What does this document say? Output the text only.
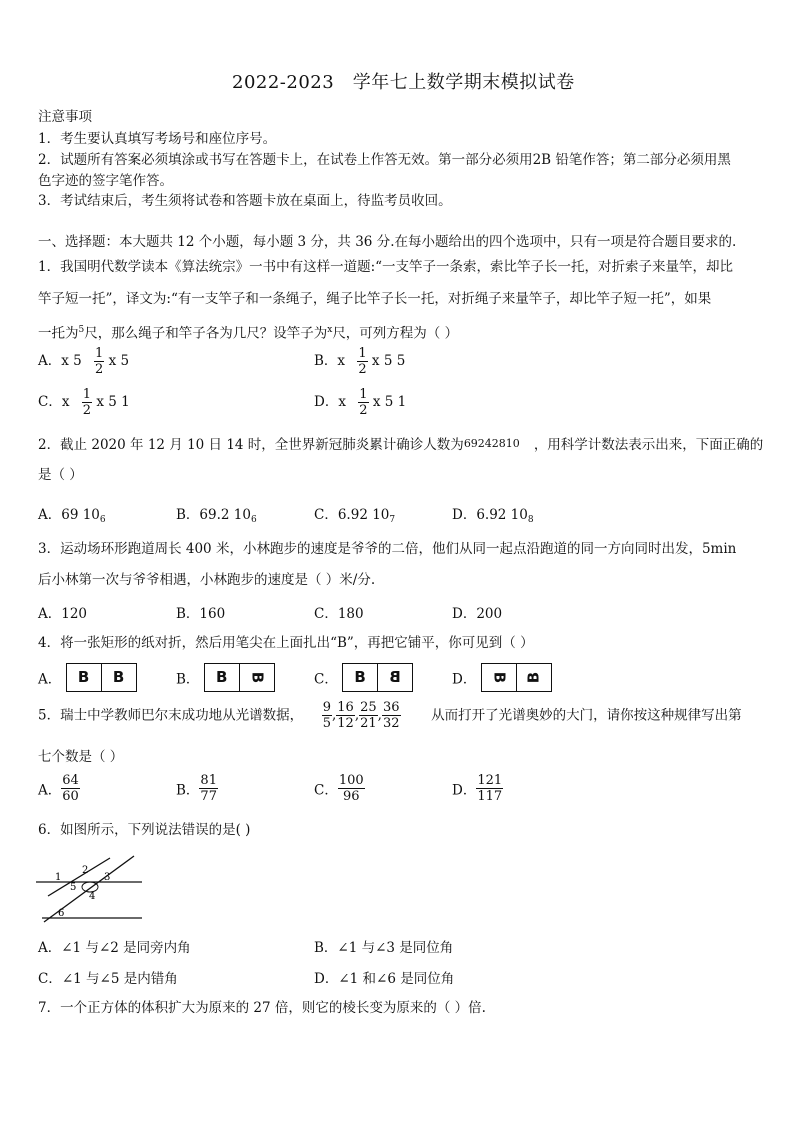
2022-2023　学年七上数学期末模拟试卷
注意事项
1．考生要认真填写考场号和座位序号。
2．试题所有答案必须填涂或书写在答题卡上，在试卷上作答无效。第一部分必须用2B 铅笔作答；第二部分必须用黑
色字迹的签字笔作答。
3．考试结束后，考生须将试卷和答题卡放在桌面上，待监考员收回。
一、选择题：本大题共 12 个小题，每小题 3 分，共 36 分.在每小题给出的四个选项中，只有一项是符合题目要求的.
1．我国明代数学读本《算法统宗》一书中有这样一道题:“一支竿子一条索，索比竿子长一托，对折索子来量竿，却比
竿子短一托”，译文为:“有一支竿子和一条绳子，绳子比竿子长一托，对折绳子来量竿子，却比竿子短一托”，如果
一托为$^5$尺，那么绳子和竿子各为几尺？设竿子为$^x$尺，可列方程为（ ）
A．x $5 \frac{1}{2}$ x 5	B．x $\frac{1}{2}$ x 5 5
C．x $\frac{1}{2}$ x 5 1	D．x $\frac{1}{2}$ x 5 1
2．截止 2020 年 12 月 10 日 14 时，全世界新冠肺炎累计确诊人数为69242810 ，用科学计数法表示出来，下面正确的
是（ ）
A．69 $10_6$	B．69.2 $10_6$	C．6.92 $10_7$	D．6.92 $10_8$
3．运动场环形跑道周长 400 米，小林跑步的速度是爷爷的二倍，他们从同一起点沿跑道的同一方向同时出发，5min
后小林第一次与爷爷相遇，小林跑步的速度是（ ）米/分.
A．120	B．160	C．180	D．200
4．将一张矩形的纸对折，然后用笔尖在上面扎出“B”，再把它铺平，你可见到（ ）
A． B B	B． B B	C． B B	D． B B
5．瑞士中学教师巴尔末成功地从光谱数据， $\frac{9}{5}$ , $\frac{16}{12}$ , $\frac{25}{21}$ , $\frac{36}{32}$ 从而打开了光谱奥妙的大门，请你按这种规律写出第
七个数是（ ）
A． $\frac{64}{60}$	B． $\frac{81}{77}$	C． $\frac{100}{96}$	D． $\frac{121}{117}$
6．如图所示，下列说法错误的是( )
1
2
3
4
5
6
A．∠1 与∠2 是同旁内角	B．∠1 与∠3 是同位角
C．∠1 与∠5 是内错角	D．∠1 和∠6 是同位角
7．一个正方体的体积扩大为原来的 27 倍，则它的棱长变为原来的（ ）倍.
